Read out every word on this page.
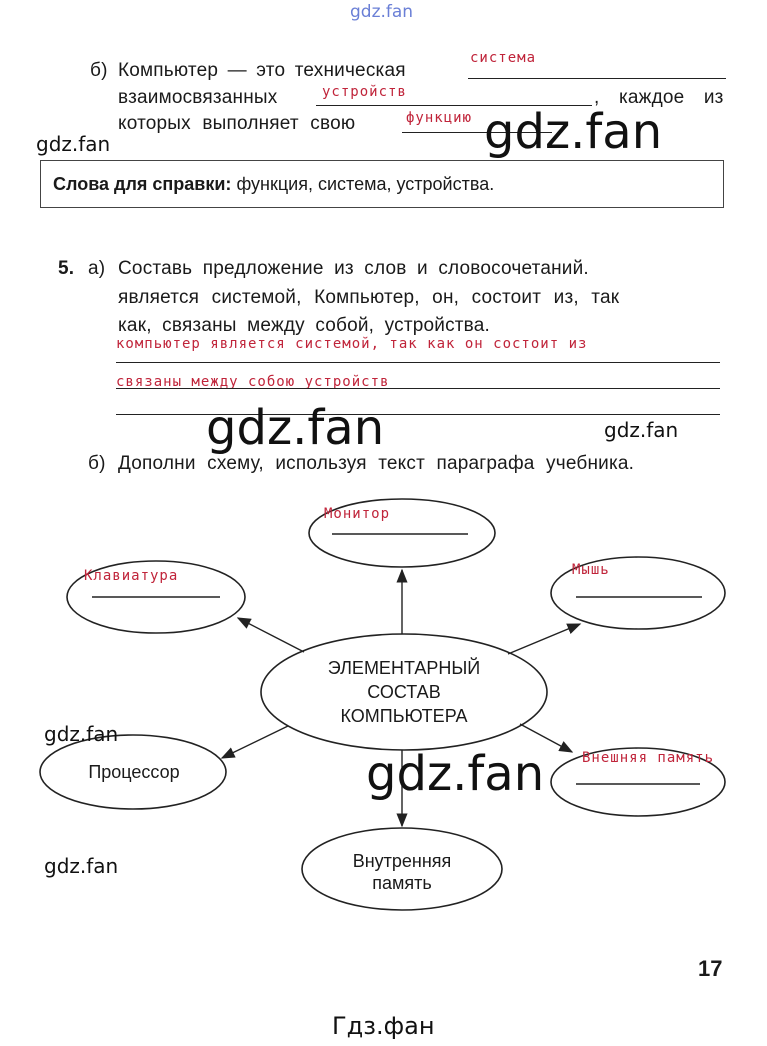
gdz.fan
б) Компьютер — это техническая
система
взаимосвязанных	устройств	, каждое из
которых выполняет свою	функцию gdz.fan
gdz.fan
Слова для справки: функция, система, устройства.
5. а) Составь предложение из слов и словосочетаний.
является системой, Компьютер, он, состоит из, так
как, связаны между собой, устройства.
компьютер является системой, так как он состоит из
связаны между собою устройств
gdz.fan	gdz.fan
б) Дополни схему, используя текст параграфа учебника.
ЭЛЕМЕНТАРНЫЙ
СОСТАВ
КОМПЬЮТЕРА
Процессор
Внутренняя
память
Монитор
Клавиатура	Мышь
Внешняя память
gdz.fan
gdz.fan
gdz.fan
17
Гдз.фан
